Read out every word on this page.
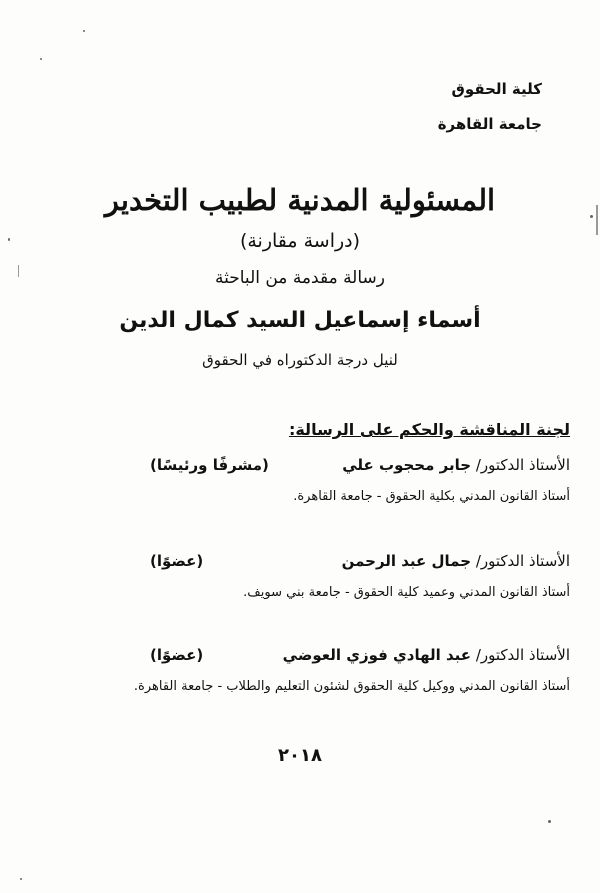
كلية الحقوق
جامعة القاهرة
المسئولية المدنية لطبيب التخدير
(دراسة مقارنة)
رسالة مقدمة من الباحثة
أسماء إسماعيل السيد كمال الدين
لنيل درجة الدكتوراه في الحقوق
لجنة المناقشة والحكم على الرسالة:
الأستاذ الدكتور/ جابر محجوب علي
(مشرفًا ورئيسًا)
أستاذ القانون المدني بكلية الحقوق - جامعة القاهرة.
الأستاذ الدكتور/ جمال عبد الرحمن
(عضوًا)
أستاذ القانون المدني وعميد كلية الحقوق - جامعة بني سويف.
الأستاذ الدكتور/ عبد الهادي فوزي العوضي
(عضوًا)
أستاذ القانون المدني ووكيل كلية الحقوق لشئون التعليم والطلاب - جامعة القاهرة.
٢٠١٨
